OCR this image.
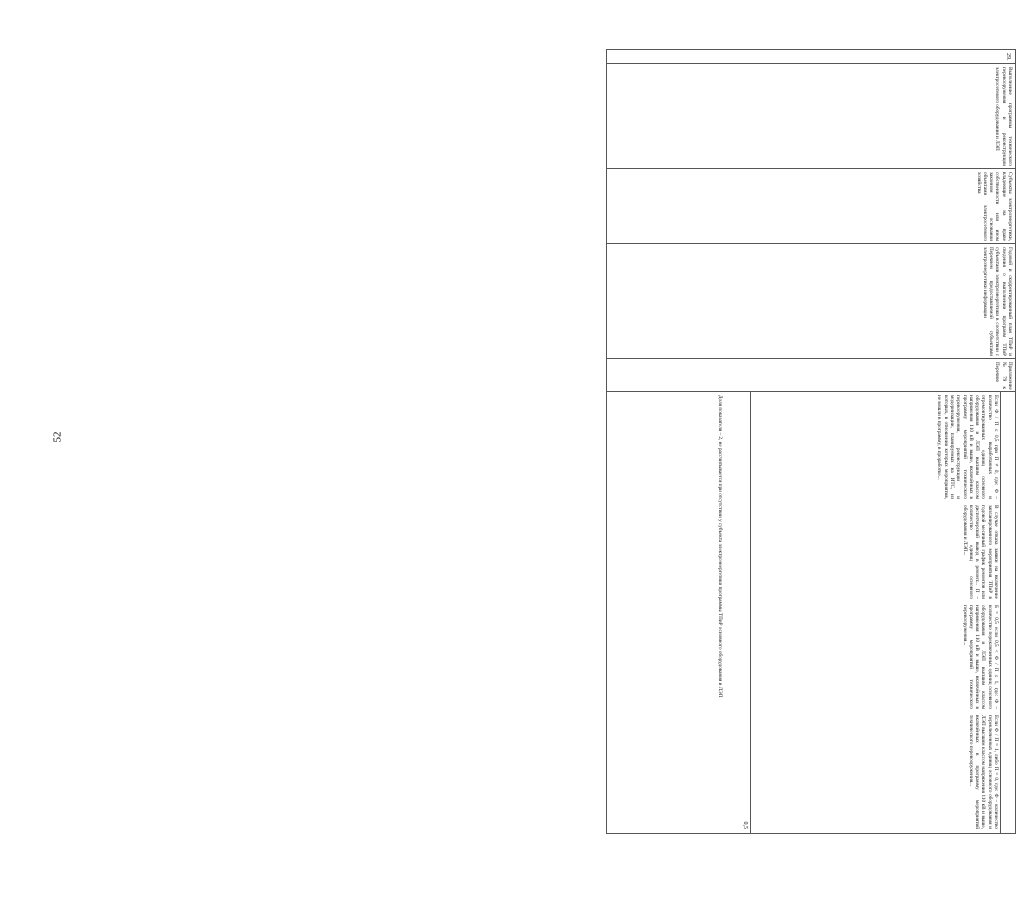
52
29.
Выполнение программы технического перевооружения и реконструкции электросетевого оборудования и ЛЭП
Субъекты электроэнергетики, владеющие на праве собственности или ином законном основании объектами электросетевого хозяйства
Годовой и скорректированный план ТПиР и сведения о выполнении программ ТПиР субъектами электроэнергетики в соответствии с Перечнем предоставляемой субъектами электроэнергетики информации
Приложение № 79 к Перечню
Если Ф / П ≤ 0,5 при П ≠ 0, где: Ф – количество выработанных и отремонтированных единиц основного оборудования и ЛЭП высшим классом напряжения 110 кВ и выше, включённых в программу мероприятий технического перевооружения, реконструкции и модернизации, планируемых на ИТС, из которых, в отношении которых мероприятия, не вошли в программу, в проработке...
В случае отказа заявки на включение запланированного мероприятия ТПиР в годовой месячный график ремонтов или диспетчерский вывод в ремонт... П – количество единиц основного оборудования и ЛЭП...
Б = 0,5 если 0,5 < Ф / П ≤ 1, где: Ф – количество переключенных единиц основного оборудования и ЛЭП высшим классом напряжения 110 кВ и выше, включённых в программу мероприятий технического перевооружения...
Если Ф / П = 1, либо П = 0, где: Ф – количество переключенных единиц основного оборудования и ЛЭП высшим классом напряжения 110 кВ и выше, включённых в программу мероприятий технического перевооружения...
0,5
Доля показателя – 2, не рассчитывается при отсутствии у субъекта электроэнергетики программы ТПиР основного оборудования и ЛЭП
